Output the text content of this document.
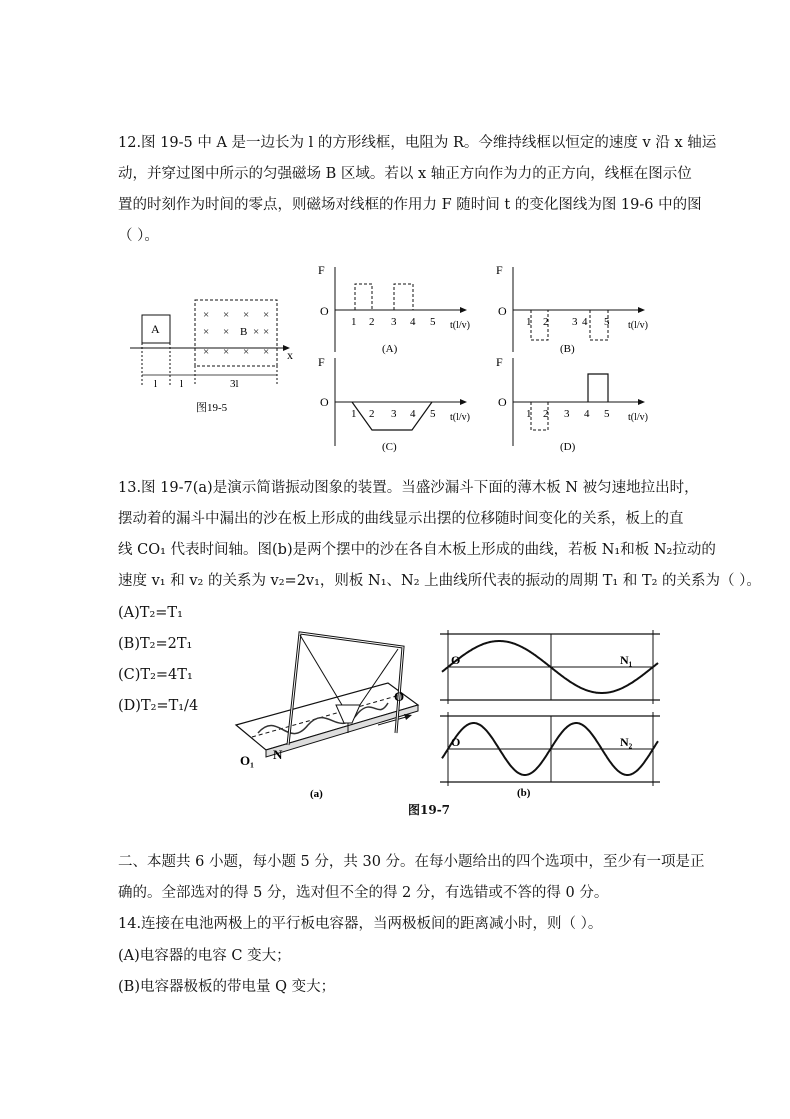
12.图 19-5 中 A 是一边长为 l 的方形线框，电阻为 R。今维持线框以恒定的速度 v 沿 x 轴运
动，并穿过图中所示的匀强磁场 B 区域。若以 x 轴正方向作为力的正方向，线框在图示位
置的时刻作为时间的零点，则磁场对线框的作用力 F 随时间 t 的变化图线为图 19-6 中的图
（ ）。
A
× × × ×
× × × ×
× × × ×
B
x
l l	3l
图19-5
F
O
1 2 3 4 5 t(l/v)
(A)
F
O
1 2 3 4 5 t(l/v)
(B)
F
O
1 2 3 4 5 t(l/v)
(C)
F
O
1 2 3 4 5 t(l/v)
(D)
13.图 19-7(a)是演示简谐振动图象的装置。当盛沙漏斗下面的薄木板 N 被匀速地拉出时，
摆动着的漏斗中漏出的沙在板上形成的曲线显示出摆的位移随时间变化的关系，板上的直
线 CO₁ 代表时间轴。图(b)是两个摆中的沙在各自木板上形成的曲线，若板 N₁和板 N₂拉动的
速度 v₁ 和 v₂ 的关系为 v₂=2v₁，则板 N₁、N₂ 上曲线所代表的振动的周期 T₁ 和 T₂ 的关系为（ ）。
(A)T₂=T₁
(B)T₂=2T₁
(C)T₂=4T₁
(D)T₂=T₁/4
N
O
O₁
(a)
O	N₁
O	N₂
(b)
图19-7
二、本题共 6 小题，每小题 5 分，共 30 分。在每小题给出的四个选项中，至少有一项是正
确的。全部选对的得 5 分，选对但不全的得 2 分，有选错或不答的得 0 分。
14.连接在电池两极上的平行板电容器，当两极板间的距离减小时，则（ ）。
(A)电容器的电容 C 变大；
(B)电容器极板的带电量 Q 变大；
